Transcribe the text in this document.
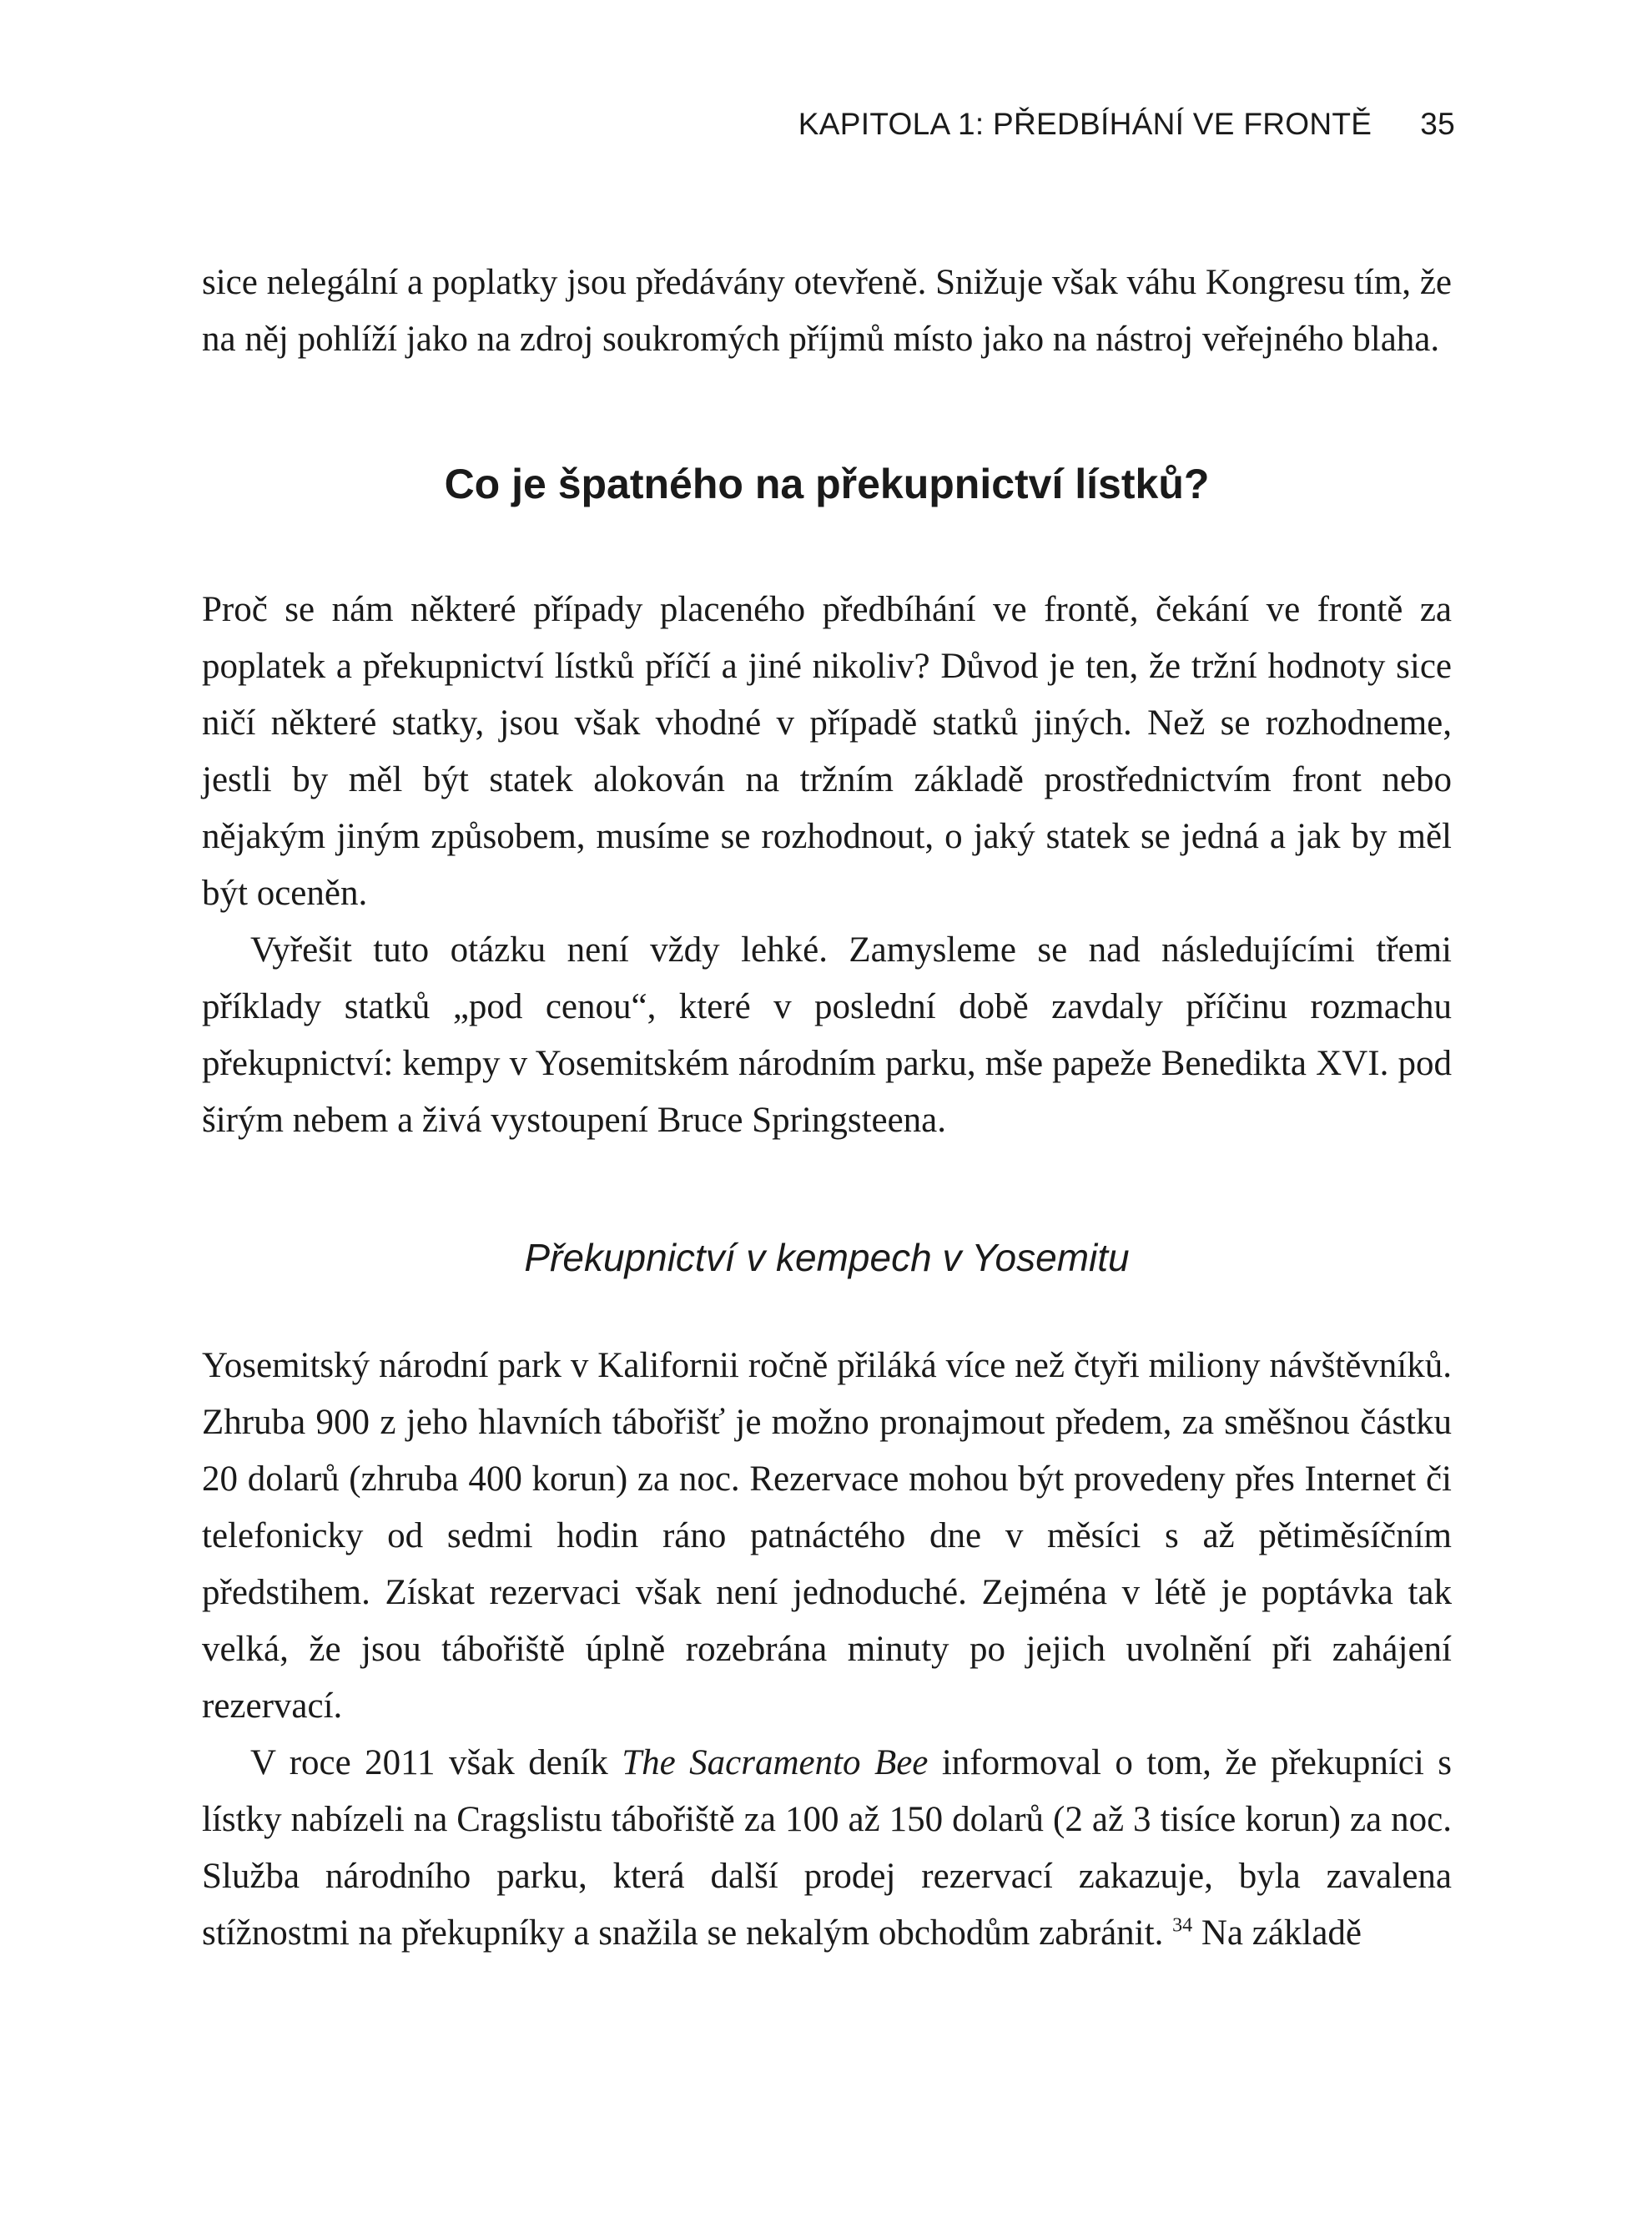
KAPITOLA 1: PŘEDBÍHÁNÍ VE FRONTĚ 35

sice nelegální a poplatky jsou předávány otevřeně. Snižuje však váhu Kongresu tím, že na něj pohlíží jako na zdroj soukromých příjmů místo jako na nástroj veřejného blaha.

Co je špatného na překupnictví lístků?

Proč se nám některé případy placeného předbíhání ve frontě, čekání ve frontě za poplatek a překupnictví lístků příčí a jiné nikoliv? Důvod je ten, že tržní hodnoty sice ničí některé statky, jsou však vhodné v případě statků jiných. Než se rozhodneme, jestli by měl být statek alokován na tržním základě prostřednictvím front nebo nějakým jiným způsobem, musíme se rozhodnout, o jaký statek se jedná a jak by měl být oceněn.

Vyřešit tuto otázku není vždy lehké. Zamysleme se nad následujícími třemi příklady statků „pod cenou“, které v poslední době zavdaly příčinu rozmachu překupnictví: kempy v Yosemitském národním parku, mše papeže Benedikta XVI. pod širým nebem a živá vystoupení Bruce Springsteena.

Překupnictví v kempech v Yosemitu

Yosemitský národní park v Kalifornii ročně přiláká více než čtyři miliony návštěvníků. Zhruba 900 z jeho hlavních tábořišť je možno pronajmout předem, za směšnou částku 20 dolarů (zhruba 400 korun) za noc. Rezervace mohou být provedeny přes Internet či telefonicky od sedmi hodin ráno patnáctého dne v měsíci s až pětiměsíčním předstihem. Získat rezervaci však není jednoduché. Zejména v létě je poptávka tak velká, že jsou tábořiště úplně rozebrána minuty po jejich uvolnění při zahájení rezervací.

V roce 2011 však deník The Sacramento Bee informoval o tom, že překupníci s lístky nabízeli na Cragslistu tábořiště za 100 až 150 dolarů (2 až 3 tisíce korun) za noc. Služba národního parku, která další prodej rezervací zakazuje, byla zavalena stížnostmi na překupníky a snažila se nekalým obchodům zabránit. $^{34}$ Na základě
